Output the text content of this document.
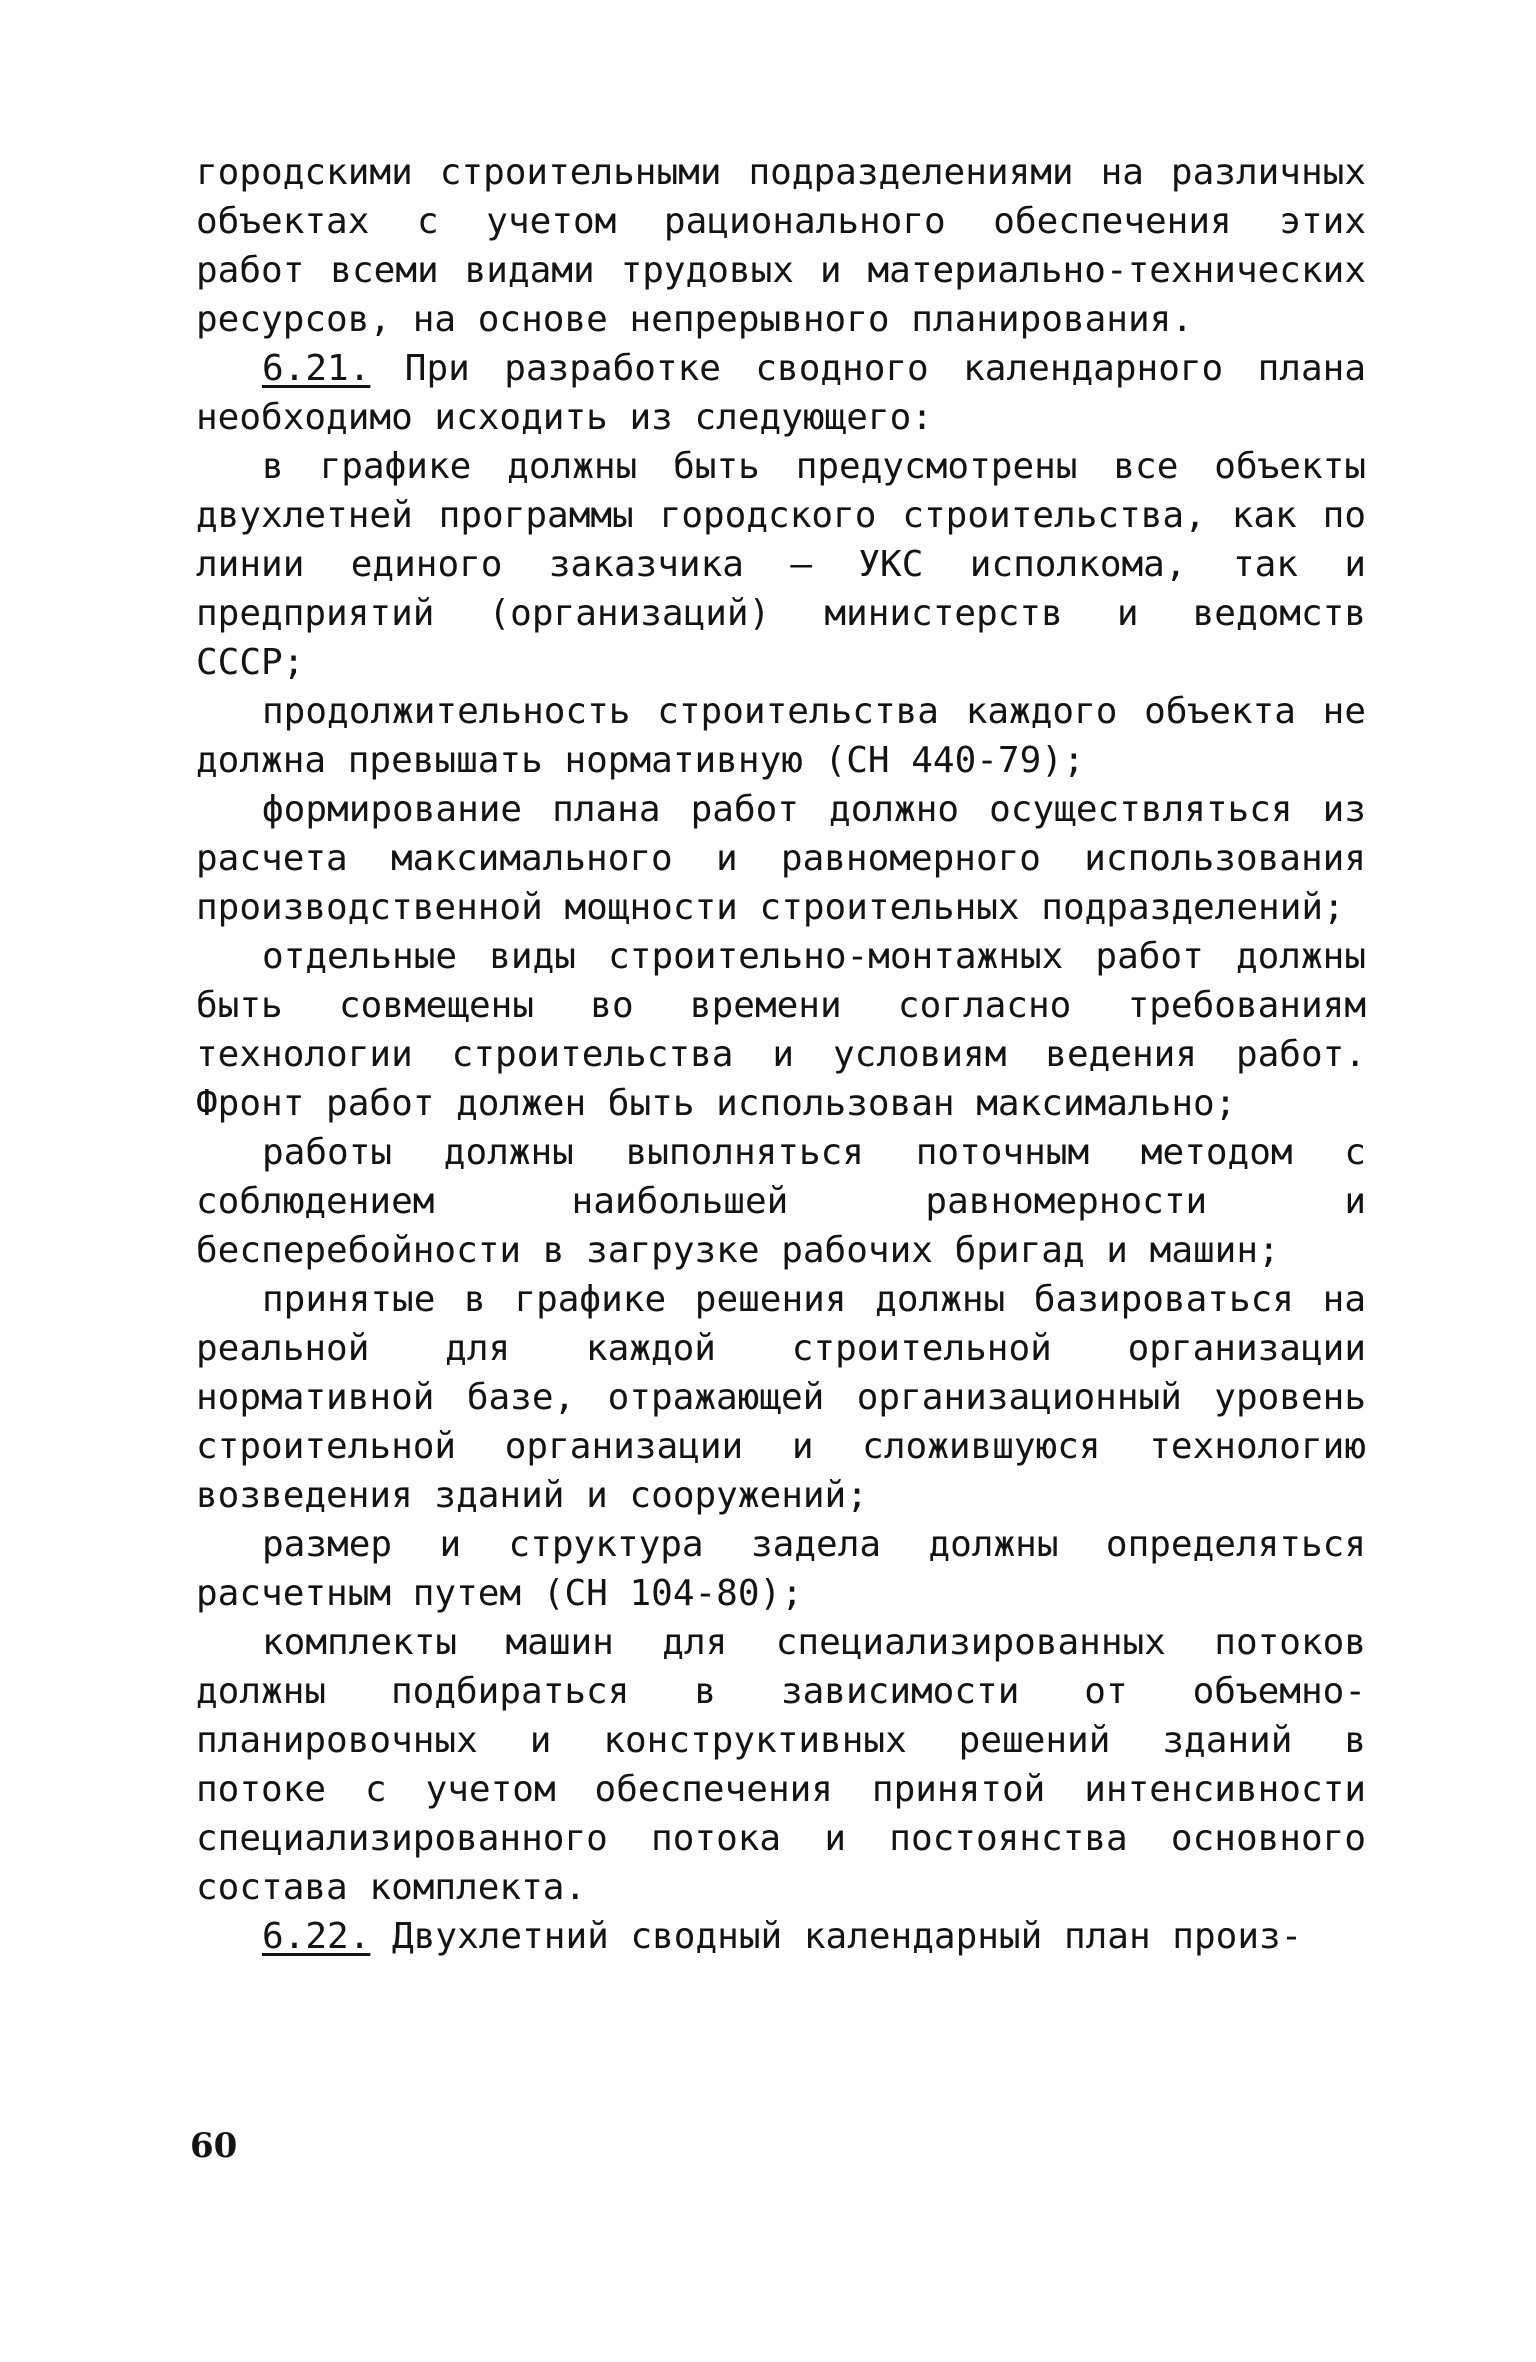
городскими строительными подразделениями на различных объектах с учетом рационального обеспечения этих работ всеми видами трудовых и материально-технических ресурсов, на основе непрерывного планирования.

6.21. При разработке сводного календарного плана необходимо исходить из следующего:

в графике должны быть предусмотрены все объекты двухлетней программы городского строительства, как по линии единого заказчика – УКС исполкома, так и предприятий (организаций) министерств и ведомств СССР;

продолжительность строительства каждого объекта не должна превышать нормативную (СН 440-79);

формирование плана работ должно осуществляться из расчета максимального и равномерного использования производственной мощности строительных подразделений;

отдельные виды строительно-монтажных работ должны быть совмещены во времени согласно требованиям технологии строительства и условиям ведения работ. Фронт работ должен быть использован максимально;

работы должны выполняться поточным методом с соблюдением наибольшей равномерности и бесперебойности в загрузке рабочих бригад и машин;

принятые в графике решения должны базироваться на реальной для каждой строительной организации нормативной базе, отражающей организационный уровень строительной организации и сложившуюся технологию возведения зданий и сооружений;

размер и структура задела должны определяться расчетным путем (СН 104-80);

комплекты машин для специализированных потоков должны подбираться в зависимости от объемно-планировочных и конструктивных решений зданий в потоке с учетом обеспечения принятой интенсивности специализированного потока и постоянства основного состава комплекта.

6.22. Двухлетний сводный календарный план произ-

60
